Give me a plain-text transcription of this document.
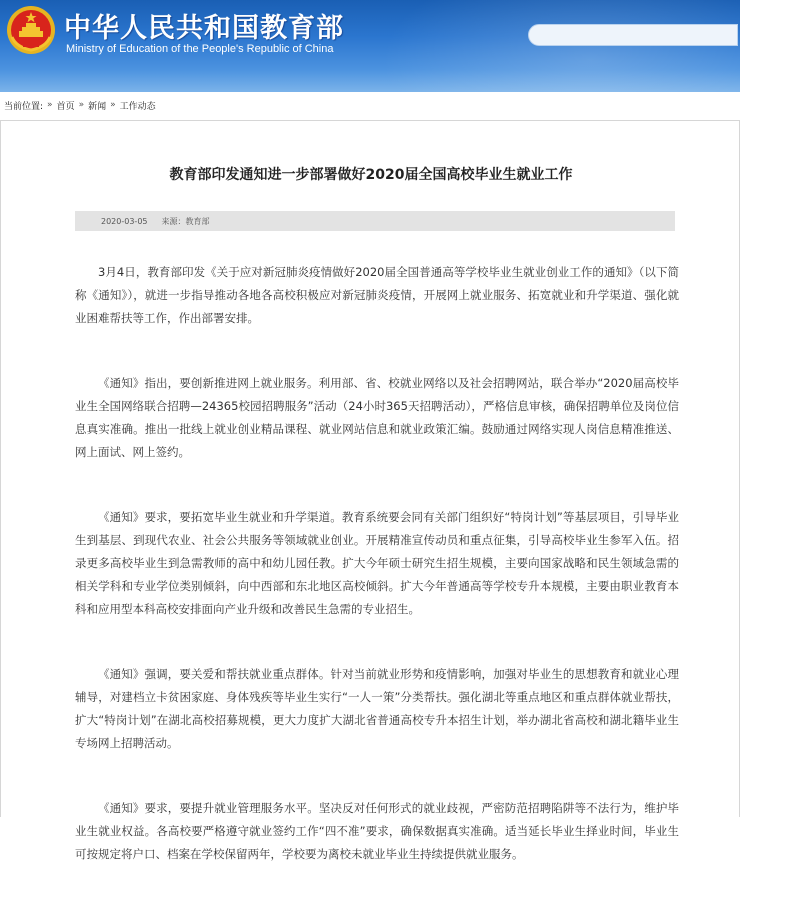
中华人民共和国教育部
Ministry of Education of the People's Republic of China
当前位置: » 首页 » 新闻 » 工作动态
教育部印发通知进一步部署做好2020届全国高校毕业生就业工作
2020-03-05 来源：教育部

3月4日，教育部印发《关于应对新冠肺炎疫情做好2020届全国普通高等学校毕业生就业创业工作的通知》（以下简称《通知》），就进一步指导推动各地各高校积极应对新冠肺炎疫情，开展网上就业服务、拓宽就业和升学渠道、强化就业困难帮扶等工作，作出部署安排。

《通知》指出，要创新推进网上就业服务。利用部、省、校就业网络以及社会招聘网站，联合举办“2020届高校毕业生全国网络联合招聘—24365校园招聘服务”活动（24小时365天招聘活动），严格信息审核，确保招聘单位及岗位信息真实准确。推出一批线上就业创业精品课程、就业网站信息和就业政策汇编。鼓励通过网络实现人岗信息精准推送、网上面试、网上签约。

《通知》要求，要拓宽毕业生就业和升学渠道。教育系统要会同有关部门组织好“特岗计划”等基层项目，引导毕业生到基层、到现代农业、社会公共服务等领域就业创业。开展精准宣传动员和重点征集，引导高校毕业生参军入伍。招录更多高校毕业生到急需教师的高中和幼儿园任教。扩大今年硕士研究生招生规模，主要向国家战略和民生领域急需的相关学科和专业学位类别倾斜，向中西部和东北地区高校倾斜。扩大今年普通高等学校专升本规模，主要由职业教育本科和应用型本科高校安排面向产业升级和改善民生急需的专业招生。

《通知》强调，要关爱和帮扶就业重点群体。针对当前就业形势和疫情影响，加强对毕业生的思想教育和就业心理辅导，对建档立卡贫困家庭、身体残疾等毕业生实行“一人一策”分类帮扶。强化湖北等重点地区和重点群体就业帮扶，扩大“特岗计划”在湖北高校招募规模，更大力度扩大湖北省普通高校专升本招生计划，举办湖北省高校和湖北籍毕业生专场网上招聘活动。

《通知》要求，要提升就业管理服务水平。坚决反对任何形式的就业歧视，严密防范招聘陷阱等不法行为，维护毕业生就业权益。各高校要严格遵守就业签约工作“四不准”要求，确保数据真实准确。适当延长毕业生择业时间，毕业生可按规定将户口、档案在学校保留两年，学校要为离校未就业毕业生持续提供就业服务。
